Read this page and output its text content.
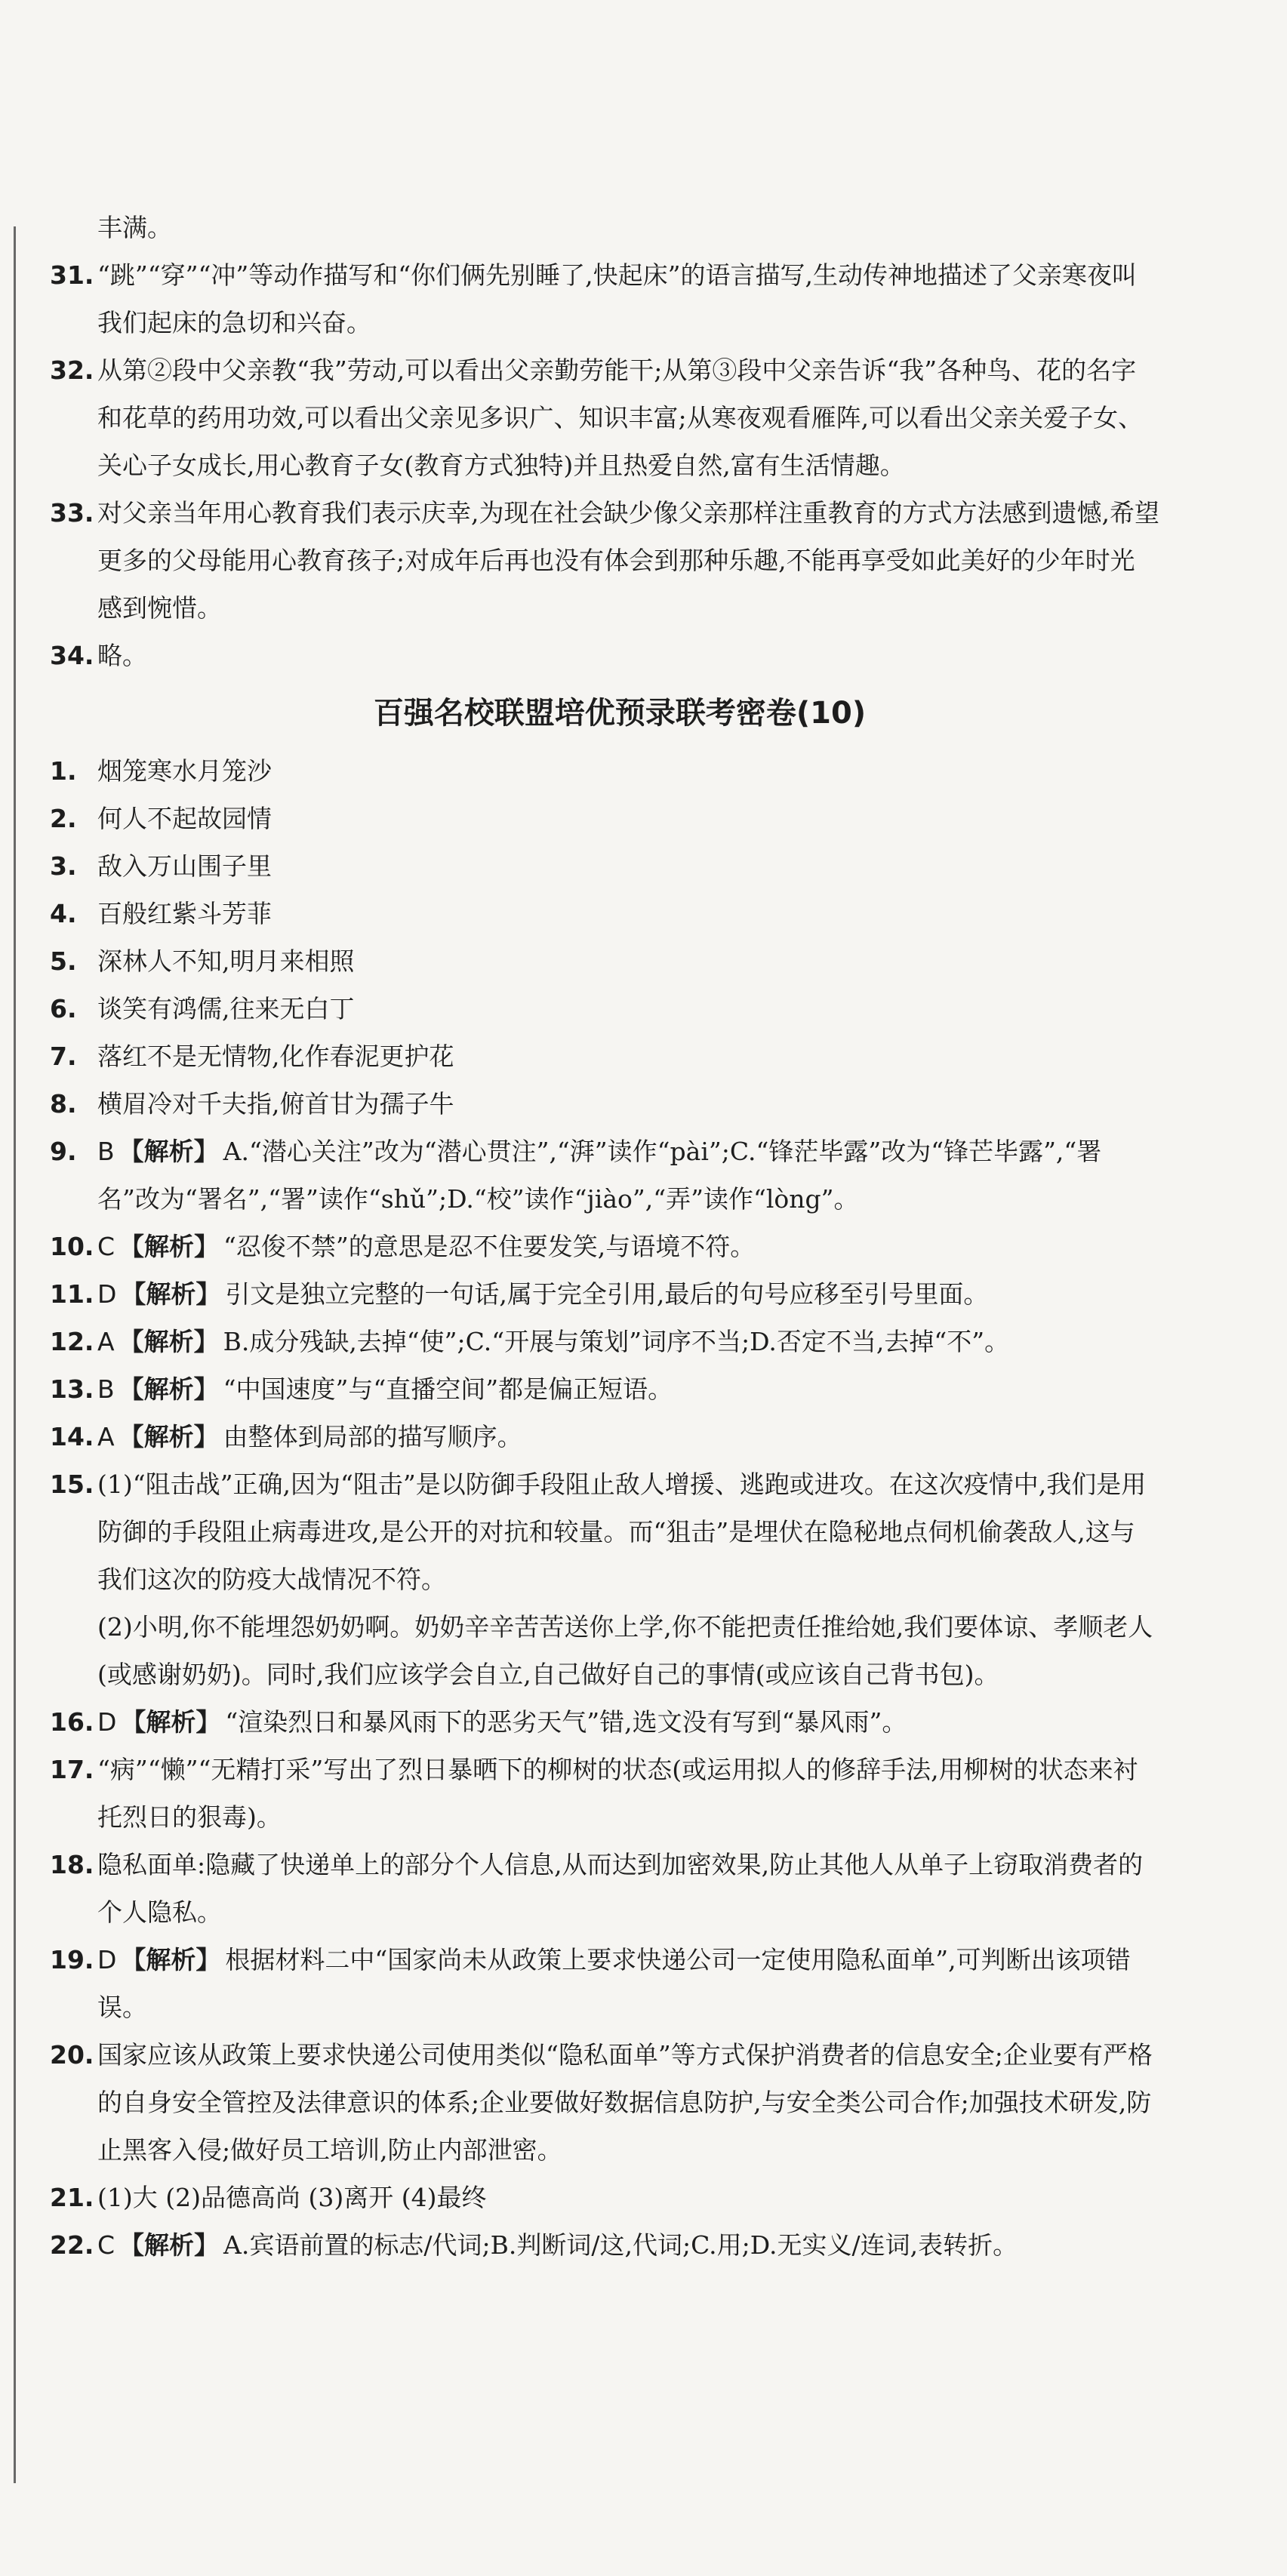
丰满。
31. “跳”“穿”“冲”等动作描写和“你们俩先别睡了,快起床”的语言描写,生动传神地描述了父亲寒夜叫我们起床的急切和兴奋。
32. 从第②段中父亲教“我”劳动,可以看出父亲勤劳能干;从第③段中父亲告诉“我”各种鸟、花的名字和花草的药用功效,可以看出父亲见多识广、知识丰富;从寒夜观看雁阵,可以看出父亲关爱子女、关心子女成长,用心教育子女(教育方式独特)并且热爱自然,富有生活情趣。
33. 对父亲当年用心教育我们表示庆幸,为现在社会缺少像父亲那样注重教育的方式方法感到遗憾,希望更多的父母能用心教育孩子;对成年后再也没有体会到那种乐趣,不能再享受如此美好的少年时光感到惋惜。
34. 略。
百强名校联盟培优预录联考密卷(10)
1. 烟笼寒水月笼沙
2. 何人不起故园情
3. 敌入万山围子里
4. 百般红紫斗芳菲
5. 深林人不知,明月来相照
6. 谈笑有鸿儒,往来无白丁
7. 落红不是无情物,化作春泥更护花
8. 横眉冷对千夫指,俯首甘为孺子牛
9. B 【解析】 A.“潜心关注”改为“潜心贯注”,“湃”读作“pài”;C.“锋茫毕露”改为“锋芒毕露”,“署名”改为“署名”,“署”读作“shǔ”;D.“校”读作“jiào”,“弄”读作“lòng”。
10. C 【解析】 “忍俊不禁”的意思是忍不住要发笑,与语境不符。
11. D 【解析】 引文是独立完整的一句话,属于完全引用,最后的句号应移至引号里面。
12. A 【解析】 B.成分残缺,去掉“使”;C.“开展与策划”词序不当;D.否定不当,去掉“不”。
13. B 【解析】 “中国速度”与“直播空间”都是偏正短语。
14. A 【解析】 由整体到局部的描写顺序。
15. (1)“阻击战”正确,因为“阻击”是以防御手段阻止敌人增援、逃跑或进攻。在这次疫情中,我们是用防御的手段阻止病毒进攻,是公开的对抗和较量。而“狙击”是埋伏在隐秘地点伺机偷袭敌人,这与我们这次的防疫大战情况不符。
(2)小明,你不能埋怨奶奶啊。奶奶辛辛苦苦送你上学,你不能把责任推给她,我们要体谅、孝顺老人(或感谢奶奶)。同时,我们应该学会自立,自己做好自己的事情(或应该自己背书包)。
16. D 【解析】 “渲染烈日和暴风雨下的恶劣天气”错,选文没有写到“暴风雨”。
17. “病”“懒”“无精打采”写出了烈日暴晒下的柳树的状态(或运用拟人的修辞手法,用柳树的状态来衬托烈日的狠毒)。
18. 隐私面单:隐藏了快递单上的部分个人信息,从而达到加密效果,防止其他人从单子上窃取消费者的个人隐私。
19. D 【解析】 根据材料二中“国家尚未从政策上要求快递公司一定使用隐私面单”,可判断出该项错误。
20. 国家应该从政策上要求快递公司使用类似“隐私面单”等方式保护消费者的信息安全;企业要有严格的自身安全管控及法律意识的体系;企业要做好数据信息防护,与安全类公司合作;加强技术研发,防止黑客入侵;做好员工培训,防止内部泄密。
21. (1)大 (2)品德高尚 (3)离开 (4)最终
22. C 【解析】 A.宾语前置的标志/代词;B.判断词/这,代词;C.用;D.无实义/连词,表转折。
